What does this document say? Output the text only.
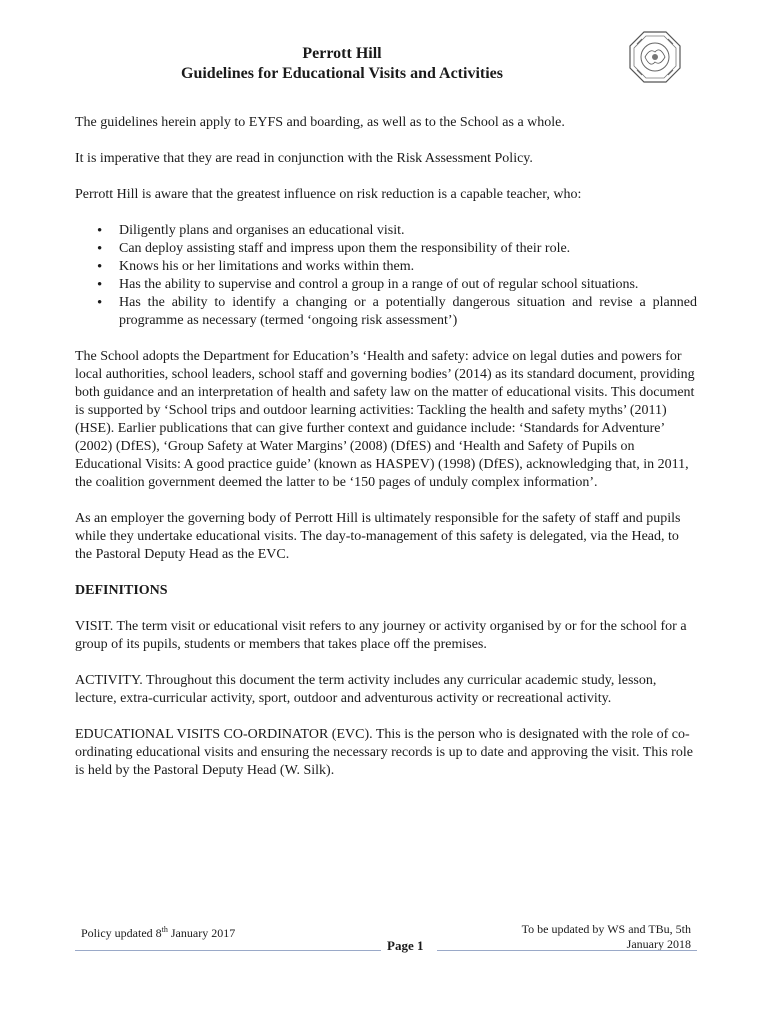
Perrott Hill
Guidelines for Educational Visits and Activities

The guidelines herein apply to EYFS and boarding, as well as to the School as a whole.

It is imperative that they are read in conjunction with the Risk Assessment Policy.

Perrott Hill is aware that the greatest influence on risk reduction is a capable teacher, who:

• Diligently plans and organises an educational visit.
• Can deploy assisting staff and impress upon them the responsibility of their role.
• Knows his or her limitations and works within them.
• Has the ability to supervise and control a group in a range of out of regular school situations.
• Has the ability to identify a changing or a potentially dangerous situation and revise a planned programme as necessary (termed ‘ongoing risk assessment’)

The School adopts the Department for Education’s ‘Health and safety: advice on legal duties and powers for local authorities, school leaders, school staff and governing bodies’ (2014) as its standard document, providing both guidance and an interpretation of health and safety law on the matter of educational visits. This document is supported by ‘School trips and outdoor learning activities: Tackling the health and safety myths’ (2011) (HSE). Earlier publications that can give further context and guidance include: ‘Standards for Adventure’ (2002) (DfES), ‘Group Safety at Water Margins’ (2008) (DfES) and ‘Health and Safety of Pupils on Educational Visits: A good practice guide’ (known as HASPEV) (1998) (DfES), acknowledging that, in 2011, the coalition government deemed the latter to be ‘150 pages of unduly complex information’.

As an employer the governing body of Perrott Hill is ultimately responsible for the safety of staff and pupils while they undertake educational visits. The day-to-management of this safety is delegated, via the Head, to the Pastoral Deputy Head as the EVC.

DEFINITIONS

VISIT. The term visit or educational visit refers to any journey or activity organised by or for the school for a group of its pupils, students or members that takes place off the premises.

ACTIVITY. Throughout this document the term activity includes any curricular academic study, lesson, lecture, extra-curricular activity, sport, outdoor and adventurous activity or recreational activity.

EDUCATIONAL VISITS CO-ORDINATOR (EVC). This is the person who is designated with the role of co-ordinating educational visits and ensuring the necessary records is up to date and approving the visit. This role is held by the Pastoral Deputy Head (W. Silk).

Policy updated 8th January 2017	To be updated by WS and TBu, 5th
January 2018
Page 1
